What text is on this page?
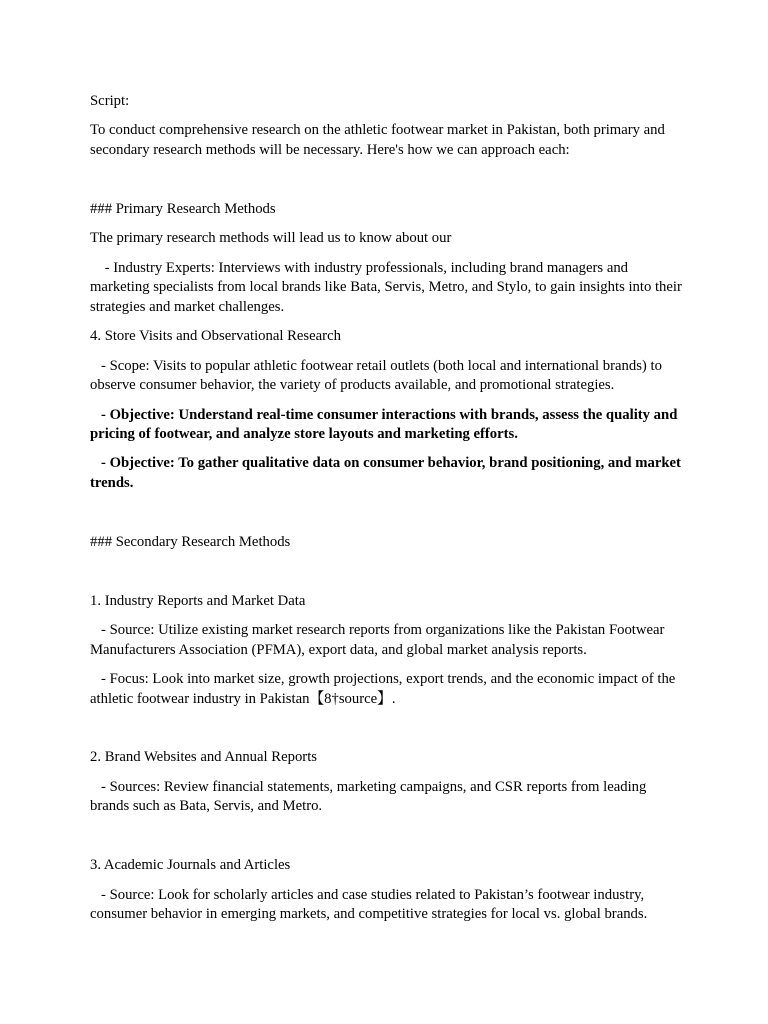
Script:
To conduct comprehensive research on the athletic footwear market in Pakistan, both primary and secondary research methods will be necessary. Here's how we can approach each:
### Primary Research Methods
The primary research methods will lead us to know about our
- Industry Experts: Interviews with industry professionals, including brand managers and marketing specialists from local brands like Bata, Servis, Metro, and Stylo, to gain insights into their strategies and market challenges.
4. Store Visits and Observational Research
- Scope: Visits to popular athletic footwear retail outlets (both local and international brands) to observe consumer behavior, the variety of products available, and promotional strategies.
- Objective: Understand real-time consumer interactions with brands, assess the quality and pricing of footwear, and analyze store layouts and marketing efforts.
- Objective: To gather qualitative data on consumer behavior, brand positioning, and market trends.
### Secondary Research Methods
1. Industry Reports and Market Data
- Source: Utilize existing market research reports from organizations like the Pakistan Footwear Manufacturers Association (PFMA), export data, and global market analysis reports.
- Focus: Look into market size, growth projections, export trends, and the economic impact of the athletic footwear industry in Pakistan【8†source】.
2. Brand Websites and Annual Reports
- Sources: Review financial statements, marketing campaigns, and CSR reports from leading brands such as Bata, Servis, and Metro.
3. Academic Journals and Articles
- Source: Look for scholarly articles and case studies related to Pakistan’s footwear industry, consumer behavior in emerging markets, and competitive strategies for local vs. global brands.
